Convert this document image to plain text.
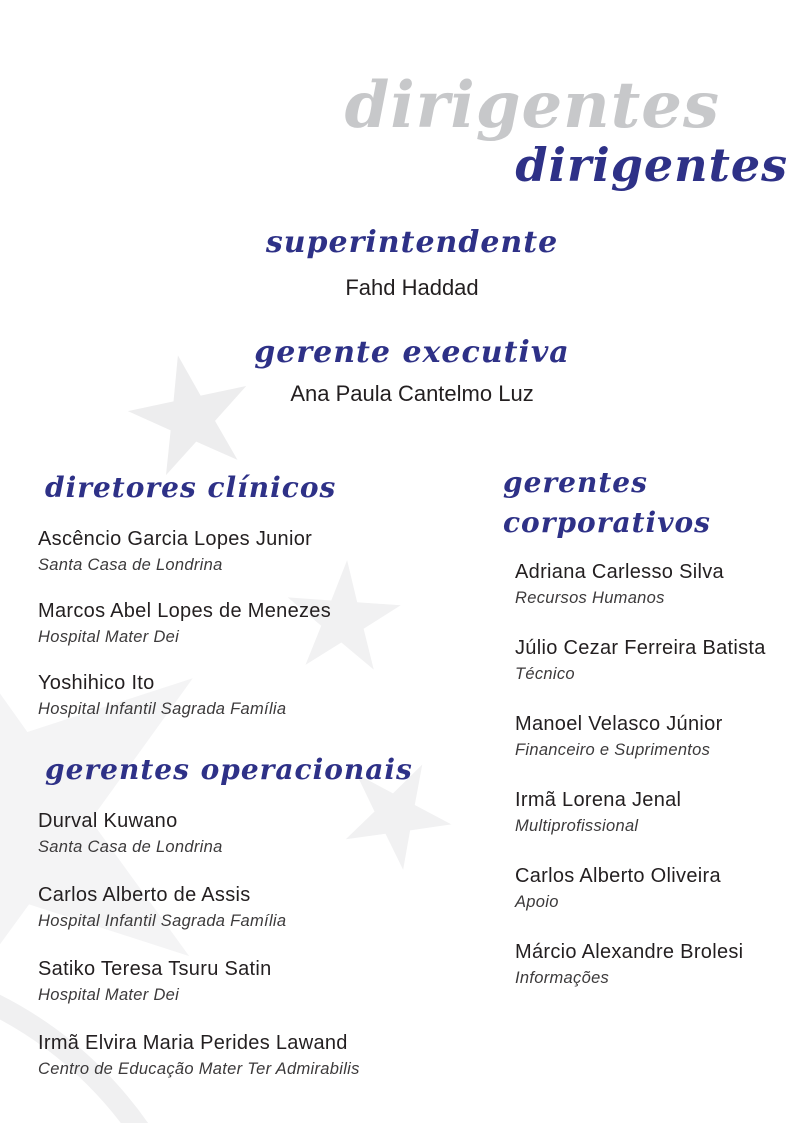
dirigentes
dirigentes
superintendente

Fahd Haddad

gerente executiva

Ana Paula Cantelmo Luz

diretores clínicos
Ascêncio Garcia Lopes Junior
Santa Casa de Londrina
Marcos Abel Lopes de Menezes
Hospital Mater Dei
Yoshihico Ito
Hospital Infantil Sagrada Família
gerentes operacionais
Durval Kuwano
Santa Casa de Londrina
Carlos Alberto de Assis
Hospital Infantil Sagrada Família
Satiko Teresa Tsuru Satin
Hospital Mater Dei
Irmã Elvira Maria Perides Lawand
Centro de Educação Mater Ter Admirabilis
gerentes corporativos
Adriana Carlesso Silva
Recursos Humanos
Júlio Cezar Ferreira Batista
Técnico
Manoel Velasco Júnior
Financeiro e Suprimentos
Irmã Lorena Jenal
Multiprofissional
Carlos Alberto Oliveira
Apoio
Márcio Alexandre Brolesi
Informações
